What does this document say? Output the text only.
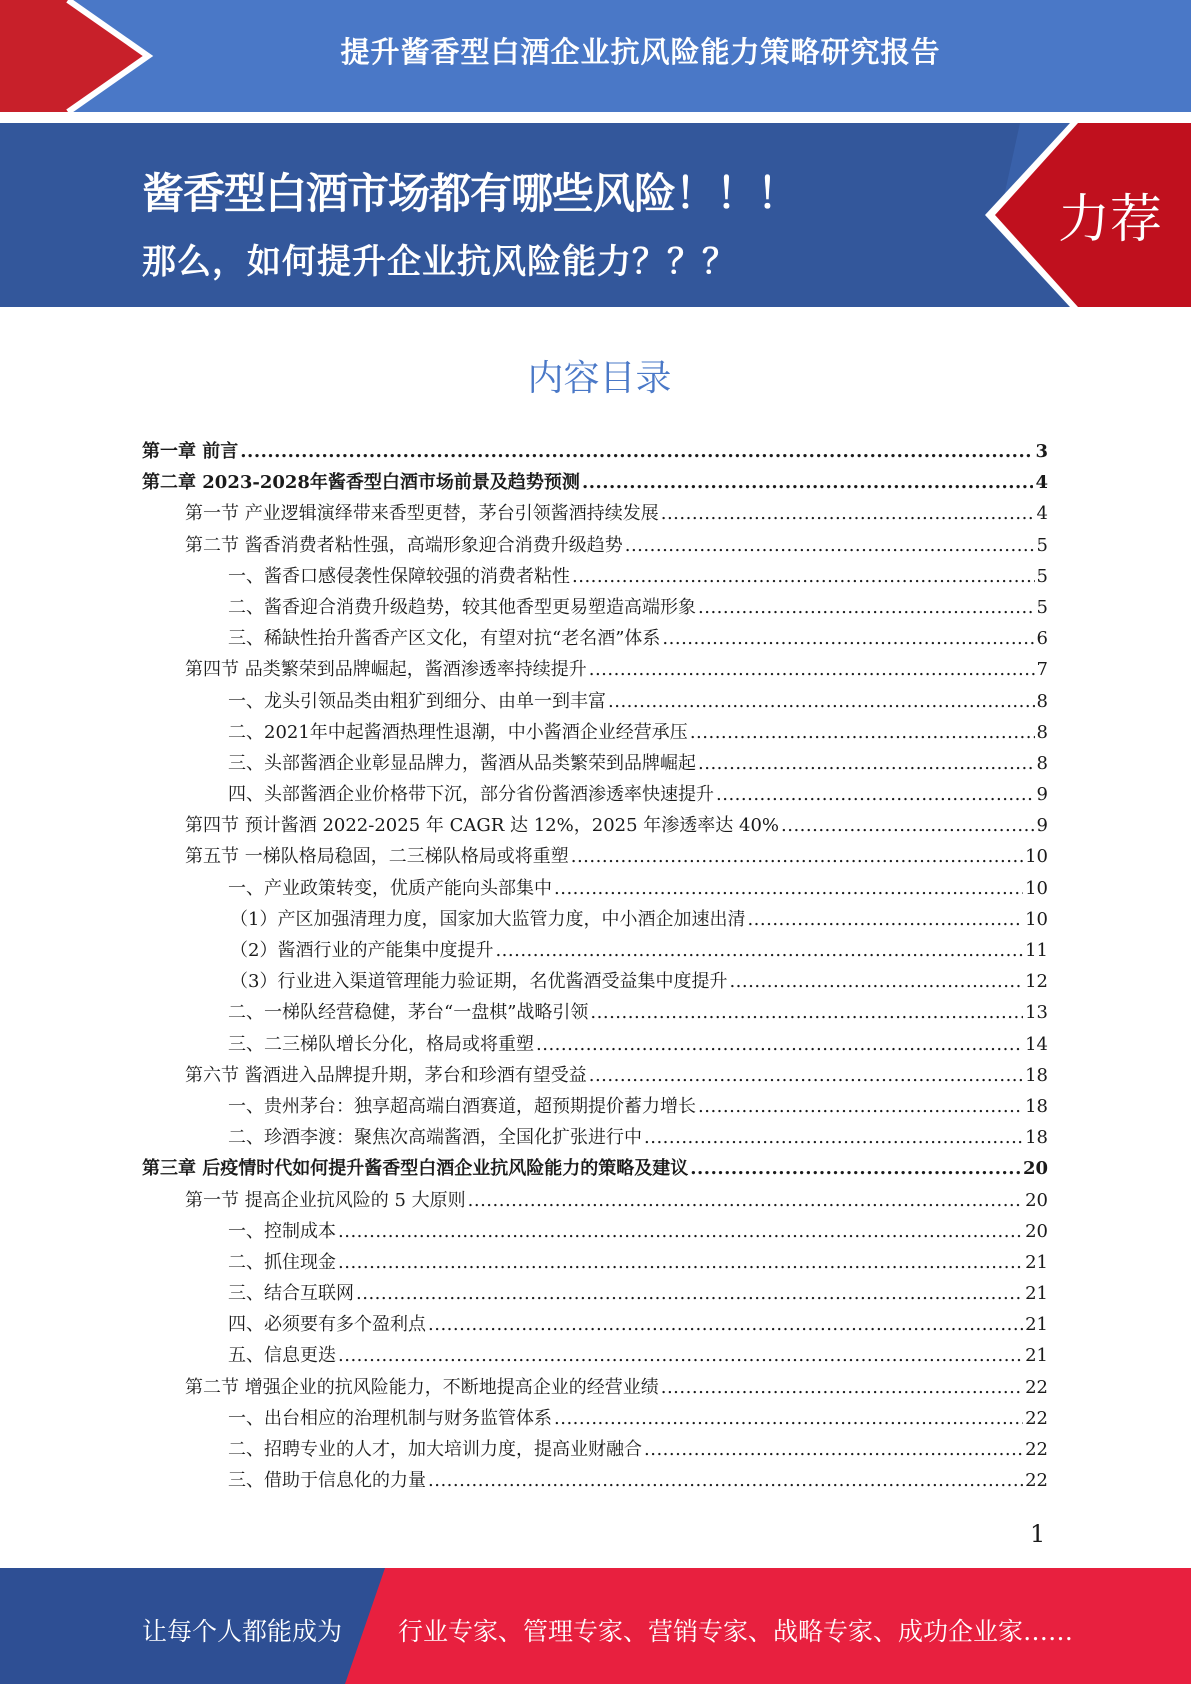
提升酱香型白酒企业抗风险能力策略研究报告
酱香型白酒市场都有哪些风险！！！
那么，如何提升企业抗风险能力？？？
力荐
内容目录
第一章 前言 .....	3
第二章 2023-2028年酱香型白酒市场前景及趋势预测 .....	4
第一节 产业逻辑演绎带来香型更替，茅台引领酱酒持续发展 .....	4
第二节 酱香消费者粘性强，高端形象迎合消费升级趋势 .....	5
一、酱香口感侵袭性保障较强的消费者粘性 .....	5
二、酱香迎合消费升级趋势，较其他香型更易塑造高端形象 .....	5
三、稀缺性抬升酱香产区文化，有望对抗“老名酒”体系 .....	6
第四节 品类繁荣到品牌崛起，酱酒渗透率持续提升 .....	7
一、龙头引领品类由粗犷到细分、由单一到丰富 .....	8
二、2021年中起酱酒热理性退潮，中小酱酒企业经营承压 .....	8
三、头部酱酒企业彰显品牌力，酱酒从品类繁荣到品牌崛起 .....	8
四、头部酱酒企业价格带下沉，部分省份酱酒渗透率快速提升 .....	9
第四节 预计酱酒 2022-2025 年 CAGR 达 12%，2025 年渗透率达 40% .....	9
第五节 一梯队格局稳固，二三梯队格局或将重塑 .....	10
一、产业政策转变，优质产能向头部集中 .....	10
（1）产区加强清理力度，国家加大监管力度，中小酒企加速出清 .....	10
（2）酱酒行业的产能集中度提升 .....	11
（3）行业进入渠道管理能力验证期，名优酱酒受益集中度提升 .....	12
二、一梯队经营稳健，茅台“一盘棋”战略引领 .....	13
三、二三梯队增长分化，格局或将重塑 .....	14
第六节 酱酒进入品牌提升期，茅台和珍酒有望受益 .....	18
一、贵州茅台：独享超高端白酒赛道，超预期提价蓄力增长 .....	18
二、珍酒李渡：聚焦次高端酱酒，全国化扩张进行中 .....	18
第三章 后疫情时代如何提升酱香型白酒企业抗风险能力的策略及建议 .....	20
第一节 提高企业抗风险的 5 大原则 .....	20
一、控制成本 .....	20
二、抓住现金 .....	21
三、结合互联网 .....	21
四、必须要有多个盈利点 .....	21
五、信息更迭 .....	21
第二节 增强企业的抗风险能力，不断地提高企业的经营业绩 .....	22
一、出台相应的治理机制与财务监管体系 .....	22
二、招聘专业的人才，加大培训力度，提高业财融合 .....	22
三、借助于信息化的力量 .....	22
1
让每个人都能成为 行业专家、管理专家、营销专家、战略专家、成功企业家……
